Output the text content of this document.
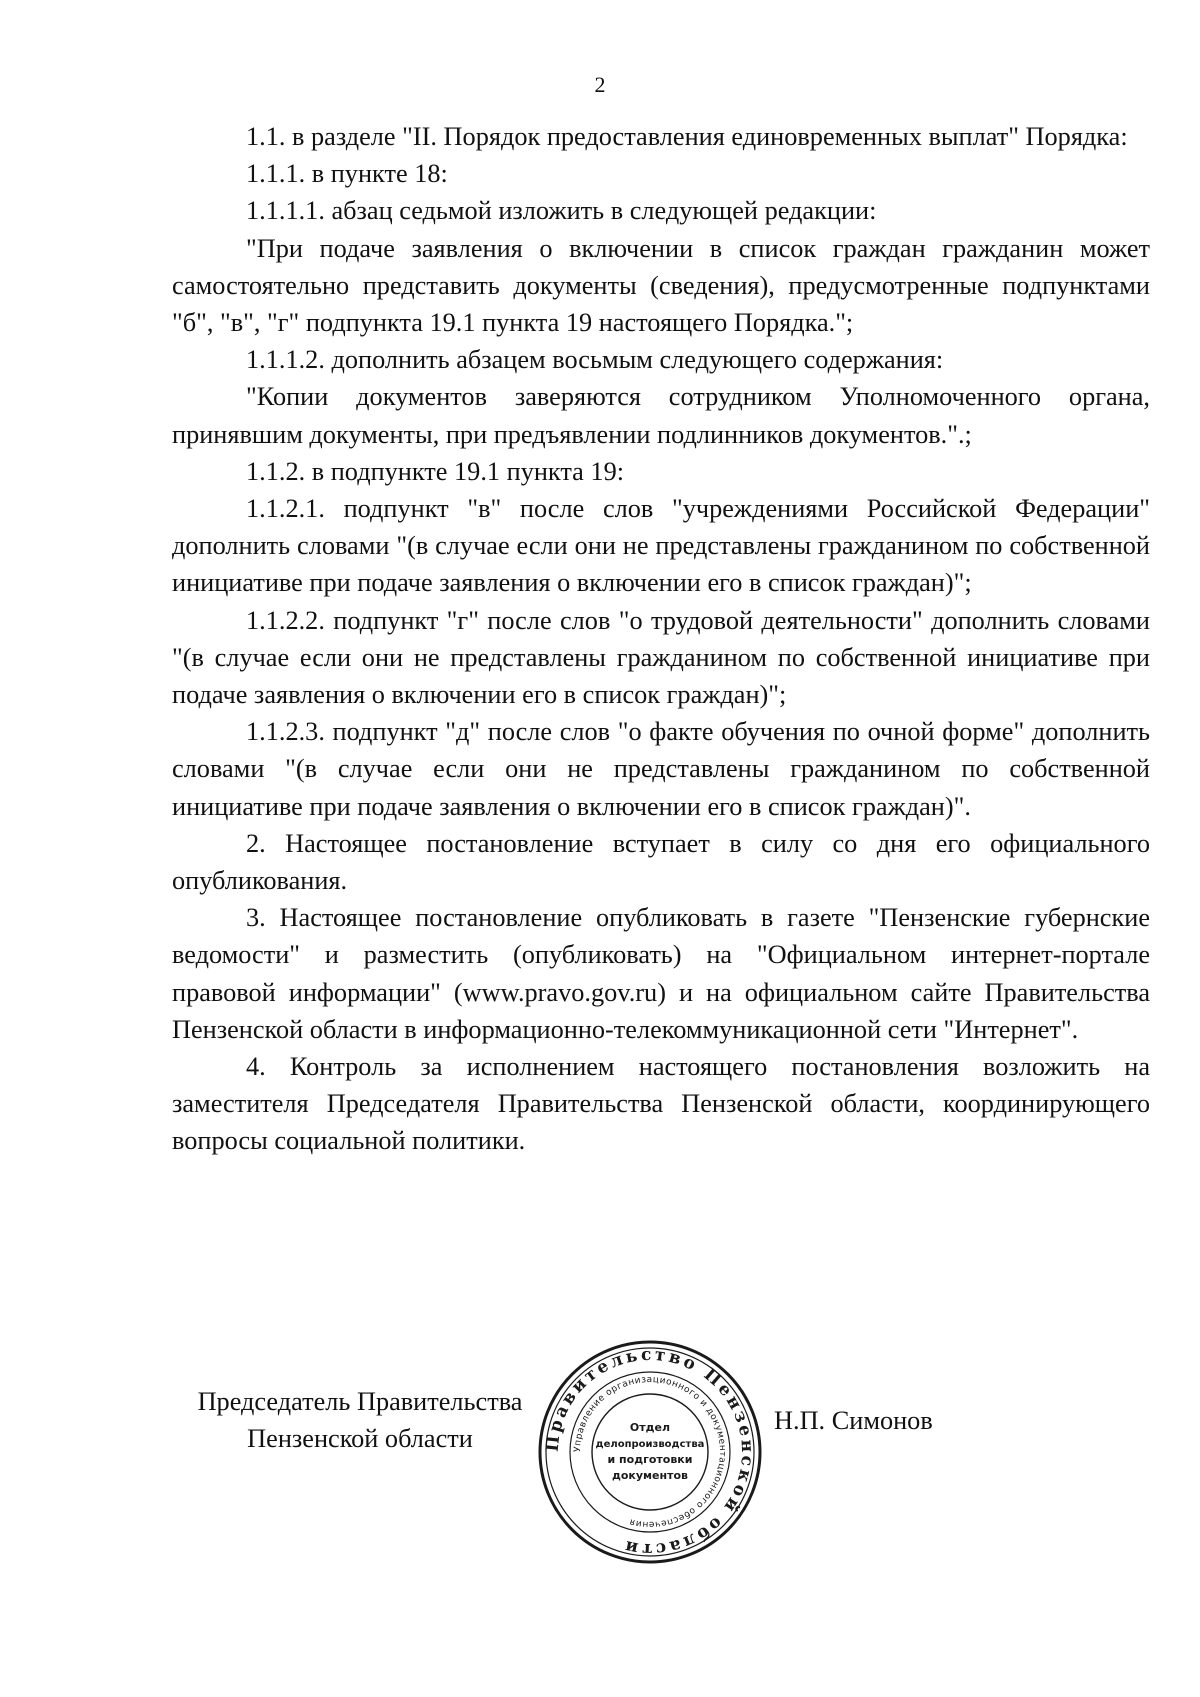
2

1.1. в разделе "II. Порядок предоставления единовременных выплат" Порядка:

1.1.1. в пункте 18:

1.1.1.1. абзац седьмой изложить в следующей редакции:

"При подаче заявления о включении в список граждан гражданин может самостоятельно представить документы (сведения), предусмотренные подпунктами "б", "в", "г" подпункта 19.1 пункта 19 настоящего Порядка.";

1.1.1.2. дополнить абзацем восьмым следующего содержания:

"Копии документов заверяются сотрудником Уполномоченного органа, принявшим документы, при предъявлении подлинников документов.".;

1.1.2. в подпункте 19.1 пункта 19:

1.1.2.1. подпункт "в" после слов "учреждениями Российской Федерации" дополнить словами "(в случае если они не представлены гражданином по собственной инициативе при подаче заявления о включении его в список граждан)";

1.1.2.2. подпункт "г" после слов "о трудовой деятельности" дополнить словами "(в случае если они не представлены гражданином по собственной инициативе при подаче заявления о включении его в список граждан)";

1.1.2.3. подпункт "д" после слов "о факте обучения по очной форме" дополнить словами "(в случае если они не представлены гражданином по собственной инициативе при подаче заявления о включении его в список граждан)".

2. Настоящее постановление вступает в силу со дня его официального опубликования.

3. Настоящее постановление опубликовать в газете "Пензенские губернские ведомости" и разместить (опубликовать) на "Официальном интернет-портале правовой информации" (www.pravo.gov.ru) и на официальном сайте Правительства Пензенской области в информационно-телекоммуникационной сети "Интернет".

4. Контроль за исполнением настоящего постановления возложить на заместителя Председателя Правительства Пензенской области, координирующего вопросы социальной политики.

Председатель Правительства
Пензенской области	Правительство Пензенской области
Управление организационного и документационного обеспечения
Отдел
делопроизводства
и подготовки
документов
Н.П. Симонов
